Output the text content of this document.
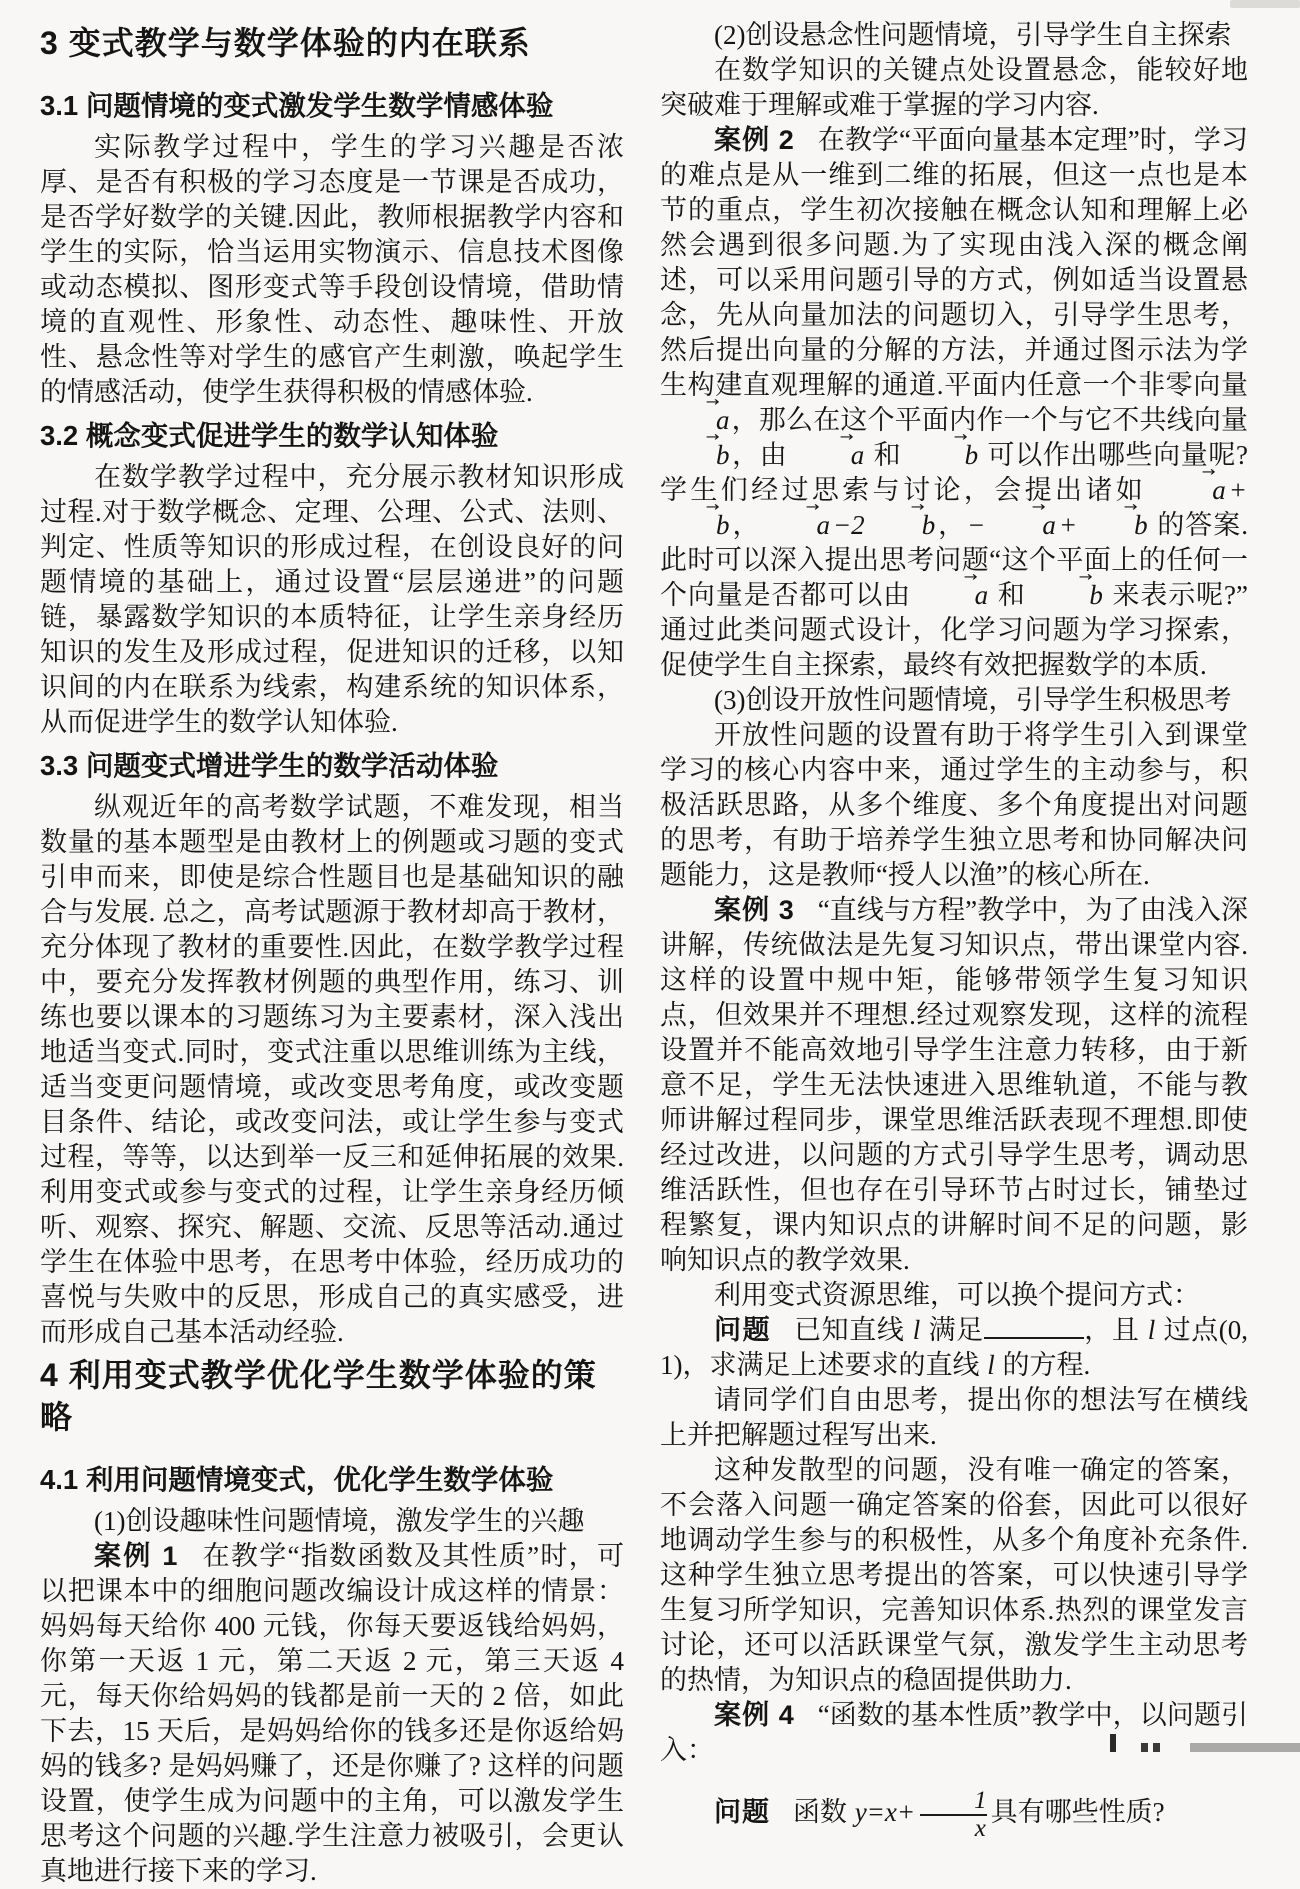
3 变式教学与数学体验的内在联系
3.1 问题情境的变式激发学生数学情感体验

实际教学过程中，学生的学习兴趣是否浓厚、是否有积极的学习态度是一节课是否成功，是否学好数学的关键.因此，教师根据教学内容和学生的实际，恰当运用实物演示、信息技术图像或动态模拟、图形变式等手段创设情境，借助情境的直观性、形象性、动态性、趣味性、开放性、悬念性等对学生的感官产生刺激，唤起学生的情感活动，使学生获得积极的情感体验.

3.2 概念变式促进学生的数学认知体验

在数学教学过程中，充分展示教材知识形成过程.对于数学概念、定理、公理、公式、法则、判定、性质等知识的形成过程，在创设良好的问题情境的基础上，通过设置“层层递进”的问题链，暴露数学知识的本质特征，让学生亲身经历知识的发生及形成过程，促进知识的迁移，以知识间的内在联系为线索，构建系统的知识体系，从而促进学生的数学认知体验.

3.3 问题变式增进学生的数学活动体验

纵观近年的高考数学试题，不难发现，相当数量的基本题型是由教材上的例题或习题的变式引申而来，即使是综合性题目也是基础知识的融合与发展. 总之，高考试题源于教材却高于教材，充分体现了教材的重要性.因此，在数学教学过程中，要充分发挥教材例题的典型作用，练习、训练也要以课本的习题练习为主要素材，深入浅出地适当变式.同时，变式注重以思维训练为主线，适当变更问题情境，或改变思考角度，或改变题目条件、结论，或改变问法，或让学生参与变式过程，等等，以达到举一反三和延伸拓展的效果.利用变式或参与变式的过程，让学生亲身经历倾听、观察、探究、解题、交流、反思等活动.通过学生在体验中思考，在思考中体验，经历成功的喜悦与失败中的反思，形成自己的真实感受，进而形成自己基本活动经验.

4 利用变式教学优化学生数学体验的策略
4.1 利用问题情境变式，优化学生数学体验

(1)创设趣味性问题情境，激发学生的兴趣

案例 1 在教学“指数函数及其性质”时，可以把课本中的细胞问题改编设计成这样的情景：妈妈每天给你 400 元钱，你每天要返钱给妈妈，你第一天返 1 元，第二天返 2 元，第三天返 4 元，每天你给妈妈的钱都是前一天的 2 倍，如此下去，15 天后，是妈妈给你的钱多还是你返给妈妈的钱多? 是妈妈赚了，还是你赚了? 这样的问题设置，使学生成为问题中的主角，可以激发学生思考这个问题的兴趣.学生注意力被吸引，会更认真地进行接下来的学习.

(2)创设悬念性问题情境，引导学生自主探索

在数学知识的关键点处设置悬念，能较好地突破难于理解或难于掌握的学习内容.

案例 2 在教学“平面向量基本定理”时，学习的难点是从一维到二维的拓展，但这一点也是本节的重点，学生初次接触在概念认知和理解上必然会遇到很多问题.为了实现由浅入深的概念阐述，可以采用问题引导的方式，例如适当设置悬念，先从向量加法的问题切入，引导学生思考，然后提出向量的分解的方法，并通过图示法为学生构建直观理解的通道.平面内任意一个非零向量 → a，那么在这个平面内作一个与它不共线向量 → b，由 → a 和 → b 可以作出哪些向量呢? 学生们经过思索与讨论，会提出诸如 → a +→ b， → a −2 → b，− → a + → b 的答案.此时可以深入提出思考问题“这个平面上的任何一个向量是否都可以由 → a 和 → b 来表示呢?”通过此类问题式设计，化学习问题为学习探索，促使学生自主探索，最终有效把握数学的本质.

(3)创设开放性问题情境，引导学生积极思考

开放性问题的设置有助于将学生引入到课堂学习的核心内容中来，通过学生的主动参与，积极活跃思路，从多个维度、多个角度提出对问题的思考，有助于培养学生独立思考和协同解决问题能力，这是教师“授人以渔”的核心所在.

案例 3 “直线与方程”教学中，为了由浅入深讲解，传统做法是先复习知识点，带出课堂内容.这样的设置中规中矩，能够带领学生复习知识点，但效果并不理想.经过观察发现，这样的流程设置并不能高效地引导学生注意力转移，由于新意不足，学生无法快速进入思维轨道，不能与教师讲解过程同步，课堂思维活跃表现不理想.即使经过改进，以问题的方式引导学生思考，调动思维活跃性，但也存在引导环节占时过长，铺垫过程繁复，课内知识点的讲解时间不足的问题，影响知识点的教学效果.

利用变式资源思维，可以换个提问方式：

问题 已知直线 l 满足	，且 l 过点(0,1)，求满足上述要求的直线 l 的方程.

请同学们自由思考，提出你的想法写在横线上并把解题过程写出来.

这种发散型的问题，没有唯一确定的答案，不会落入问题一确定答案的俗套，因此可以很好地调动学生参与的积极性，从多个角度补充条件.这种学生独立思考提出的答案，可以快速引导学生复习所学知识，完善知识体系.热烈的课堂发言讨论，还可以活跃课堂气氛，激发学生主动思考的热情，为知识点的稳固提供助力.

案例 4 “函数的基本性质”教学中，以问题引入：

问题 函数 $y=x+ \frac{1}{x}$ 具有哪些性质?
